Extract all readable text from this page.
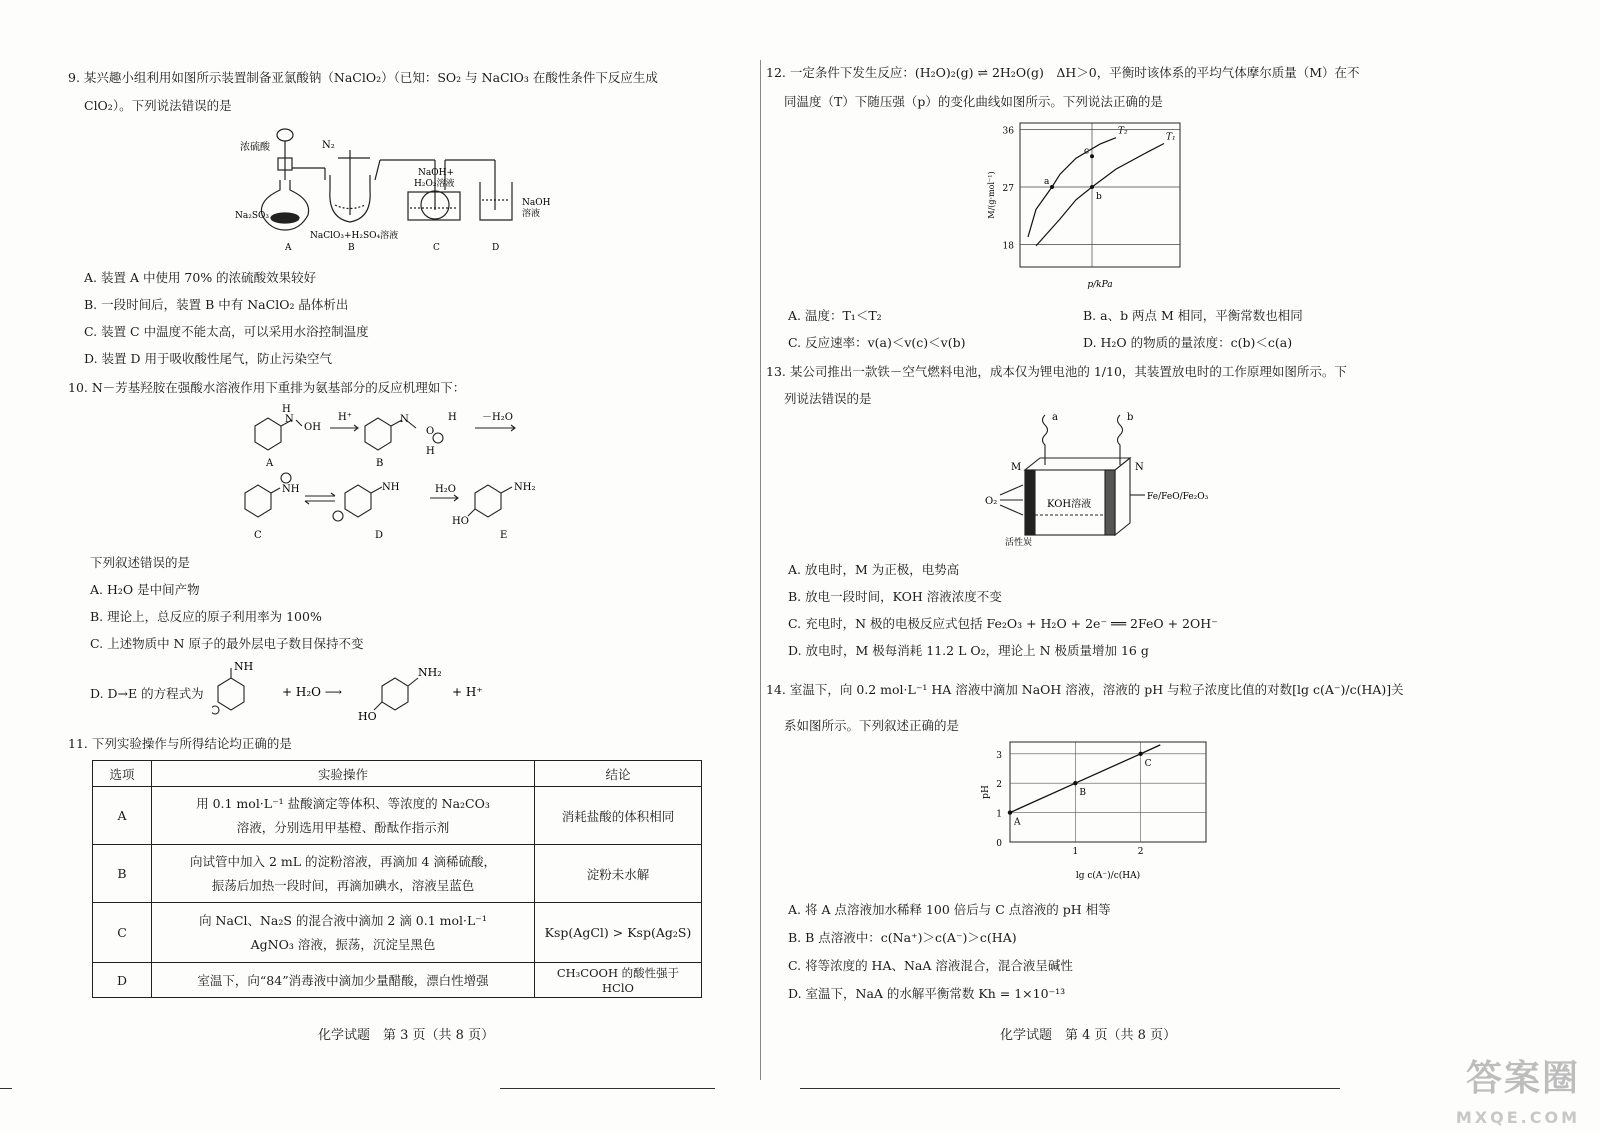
9. 某兴趣小组利用如图所示装置制备亚氯酸钠（NaClO₂）（已知：SO₂ 与 NaClO₃ 在酸性条件下反应生成
ClO₂）。下列说法错误的是
浓硫酸
Na₂SO₃
A
N₂
NaClO₃+H₂SO₄溶液
B
NaOH+
H₂O₂溶液
C
NaOH
溶液
D
A. 装置 A 中使用 70% 的浓硫酸效果较好
B. 一段时间后，装置 B 中有 NaClO₂ 晶体析出
C. 装置 C 中温度不能太高，可以采用水浴控制温度
D. 装置 D 用于吸收酸性尾气，防止污染空气
10. N－芳基羟胺在强酸水溶液作用下重排为氨基部分的反应机理如下：
H
N
OH
A
H⁺	N
O
H
H
B
－H₂O
NH
C
NH
D
H₂O	NH₂
HO
E
下列叙述错误的是
A. H₂O 是中间产物
B. 理论上，总反应的原子利用率为 100%
C. 上述物质中 N 原子的最外层电子数目保持不变
D. D→E 的方程式为
NH
+ H₂O ⟶
NH₂
HO
+ H⁺
11. 下列实验操作与所得结论均正确的是
选项	实验操作	结论
A	用 0.1 mol·L⁻¹ 盐酸滴定等体积、等浓度的 Na₂CO₃
溶液，分别选用甲基橙、酚酞作指示剂	消耗盐酸的体积相同
B	向试管中加入 2 mL 的淀粉溶液，再滴加 4 滴稀硫酸，
振荡后加热一段时间，再滴加碘水，溶液呈蓝色	淀粉未水解
C	向 NaCl、Na₂S 的混合液中滴加 2 滴 0.1 mol·L⁻¹
AgNO₃ 溶液，振荡，沉淀呈黑色	Ksp(AgCl) > Ksp(Ag₂S)
D	室温下，向“84”消毒液中滴加少量醋酸，漂白性增强	CH₃COOH 的酸性强于 HClO
化学试题　第 3 页（共 8 页）
12. 一定条件下发生反应：(H₂O)₂(g) ⇌ 2H₂O(g)　ΔH＞0，平衡时该体系的平均气体摩尔质量（M）在不
同温度（T）下随压强（p）的变化曲线如图所示。下列说法正确的是
18
27
36	T₂
T₁
a
b
c
p/kPa
M/(g·mol⁻¹)
A. 温度：T₁＜T₂	B. a、b 两点 M 相同，平衡常数也相同
C. 反应速率：v(a)＜v(c)＜v(b)	D. H₂O 的物质的量浓度：c(b)＜c(a)
13. 某公司推出一款铁－空气燃料电池，成本仅为锂电池的 1/10，其装置放电时的工作原理如图所示。下
列说法错误的是
a	b
M	N
O₂	KOH溶液
活性炭
Fe/FeO/Fe₂O₃
A. 放电时，M 为正极，电势高
B. 放电一段时间，KOH 溶液浓度不变
C. 充电时，N 极的电极反应式包括 Fe₂O₃ + H₂O + 2e⁻ ══ 2FeO + 2OH⁻
D. 放电时，M 极每消耗 11.2 L O₂，理论上 N 极质量增加 16 g
14. 室温下，向 0.2 mol·L⁻¹ HA 溶液中滴加 NaOH 溶液，溶液的 pH 与粒子浓度比值的对数[lg c(A⁻)/c(HA)]关
系如图所示。下列叙述正确的是
0
1
2
3
1	2
A
B
C
lg c(A⁻)/c(HA)
pH
A. 将 A 点溶液加水稀释 100 倍后与 C 点溶液的 pH 相等
B. B 点溶液中：c(Na⁺)＞c(A⁻)＞c(HA)
C. 将等浓度的 HA、NaA 溶液混合，混合液呈碱性
D. 室温下，NaA 的水解平衡常数 Kh = 1×10⁻¹³
化学试题　第 4 页（共 8 页）
答案圈
MXQE.COM
